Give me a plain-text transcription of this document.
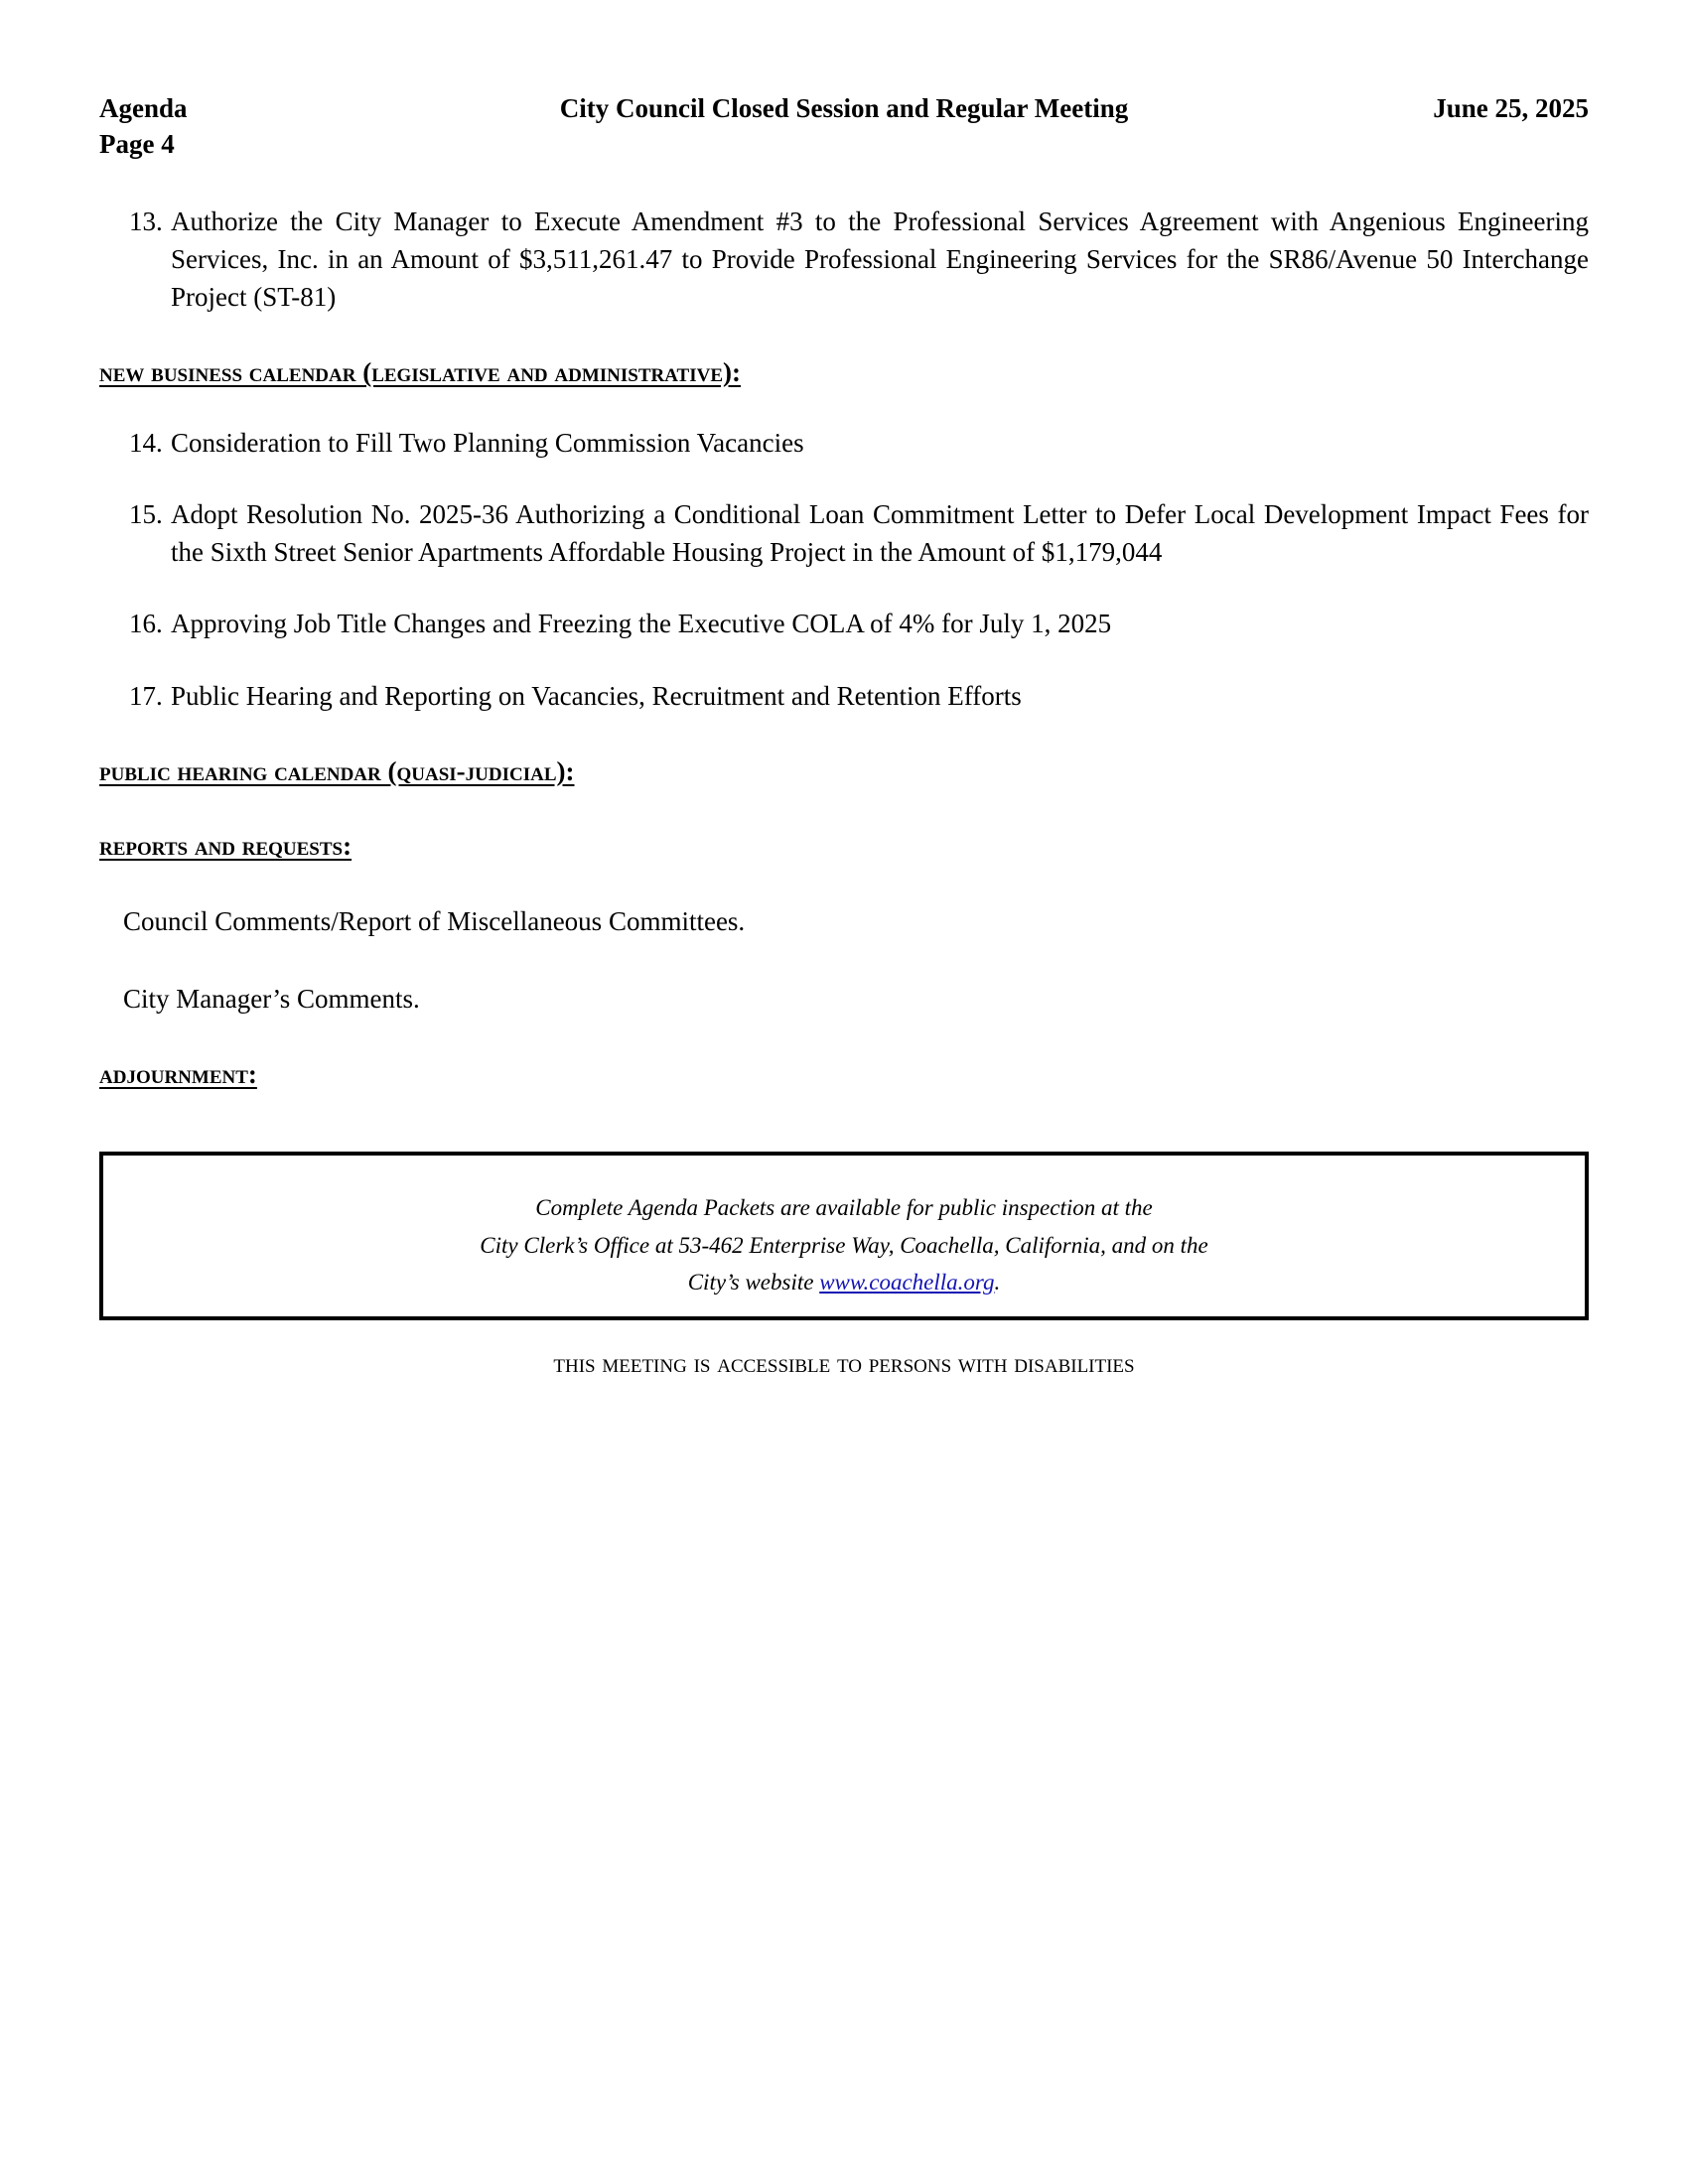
Agenda
Page 4
City Council Closed Session and Regular Meeting	June 25, 2025
13. Authorize the City Manager to Execute Amendment #3 to the Professional Services Agreement with Angenious Engineering Services, Inc. in an Amount of $3,511,261.47 to Provide Professional Engineering Services for the SR86/Avenue 50 Interchange Project (ST-81)
new business calendar (legislative and administrative):
14. Consideration to Fill Two Planning Commission Vacancies
15. Adopt Resolution No. 2025-36 Authorizing a Conditional Loan Commitment Letter to Defer Local Development Impact Fees for the Sixth Street Senior Apartments Affordable Housing Project in the Amount of $1,179,044
16. Approving Job Title Changes and Freezing the Executive COLA of 4% for July 1, 2025
17. Public Hearing and Reporting on Vacancies, Recruitment and Retention Efforts
public hearing calendar (quasi-judicial):
reports and requests:
Council Comments/Report of Miscellaneous Committees.
City Manager’s Comments.
adjournment:
Complete Agenda Packets are available for public inspection at the
City Clerk’s Office at 53-462 Enterprise Way, Coachella, California, and on the
City’s website www.coachella.org.
this meeting is accessible to persons with disabilities
